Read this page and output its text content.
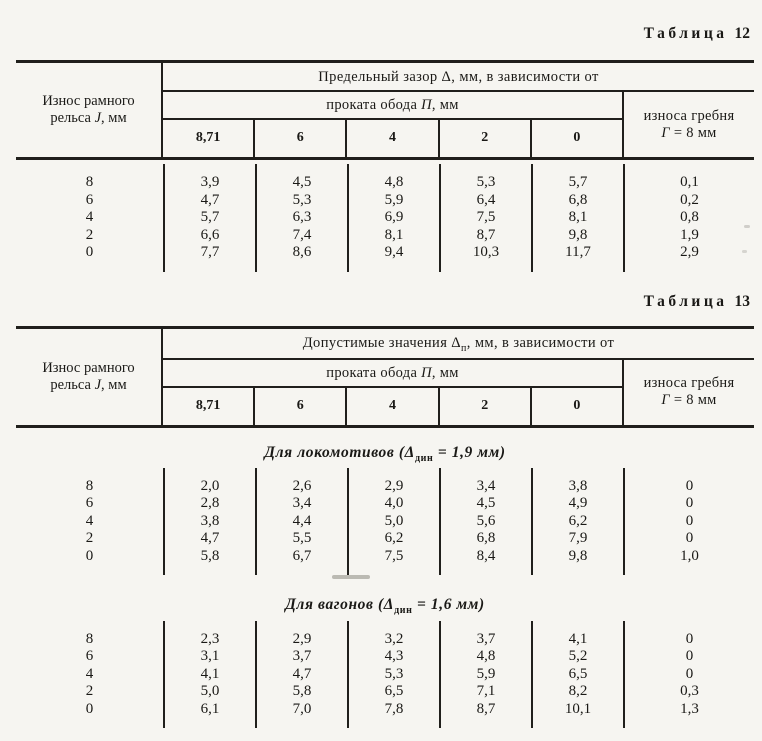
Таблица 12
Износ рамного рельса J, мм
Предельный зазор Δ, мм, в зависимости от
проката обода П, мм
8,71	6	4	2	0
износа гребня
Г = 8 мм
8	3,9	4,5	4,8	5,3	5,7	0,1
6	4,7	5,3	5,9	6,4	6,8	0,2
4	5,7	6,3	6,9	7,5	8,1	0,8
2	6,6	7,4	8,1	8,7	9,8	1,9
0	7,7	8,6	9,4	10,3	11,7	2,9
Таблица 13
Износ рамного рельса J, мм
Допустимые значения $\Delta_п$, мм, в зависимости от
проката обода П, мм
8,71	6	4	2	0
износа гребня
Г = 8 мм
Для локомотивов ($\Delta_{дин} = 1,9$ мм)
8	2,0	2,6	2,9	3,4	3,8	0
6	2,8	3,4	4,0	4,5	4,9	0
4	3,8	4,4	5,0	5,6	6,2	0
2	4,7	5,5	6,2	6,8	7,9	0
0	5,8	6,7	7,5	8,4	9,8	1,0
Для вагонов ($\Delta_{дин} = 1,6$ мм)
8	2,3	2,9	3,2	3,7	4,1	0
6	3,1	3,7	4,3	4,8	5,2	0
4	4,1	4,7	5,3	5,9	6,5	0
2	5,0	5,8	6,5	7,1	8,2	0,3
0	6,1	7,0	7,8	8,7	10,1	1,3
